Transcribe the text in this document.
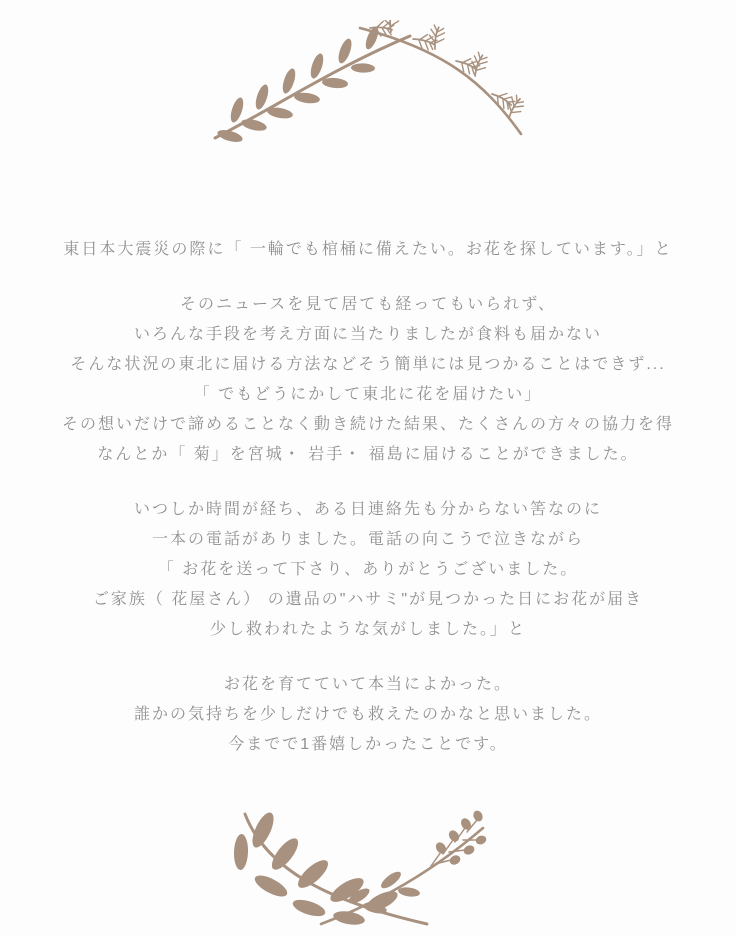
東日本大震災の際に「 一輪でも棺桶に備えたい。お花を探しています。」と

そのニュースを見て居ても経ってもいられず、
いろんな手段を考え方面に当たりましたが食料も届かない
そんな状況の東北に届ける方法などそう簡単には見つかることはできず...
「 でもどうにかして東北に花を届けたい」
その想いだけで諦めることなく動き続けた結果、たくさんの方々の協力を得
なんとか「 菊」を宮城・ 岩手・ 福島に届けることができました。

いつしか時間が経ち、ある日連絡先も分からない筈なのに
一本の電話がありました。電話の向こうで泣きながら
「 お花を送って下さり、ありがとうございました。
ご家族（ 花屋さん） の遺品の"ハサミ"が見つかった日にお花が届き
少し救われたような気がしました。」と

お花を育てていて本当によかった。
誰かの気持ちを少しだけでも救えたのかなと思いました。
今までで1番嬉しかったことです。
